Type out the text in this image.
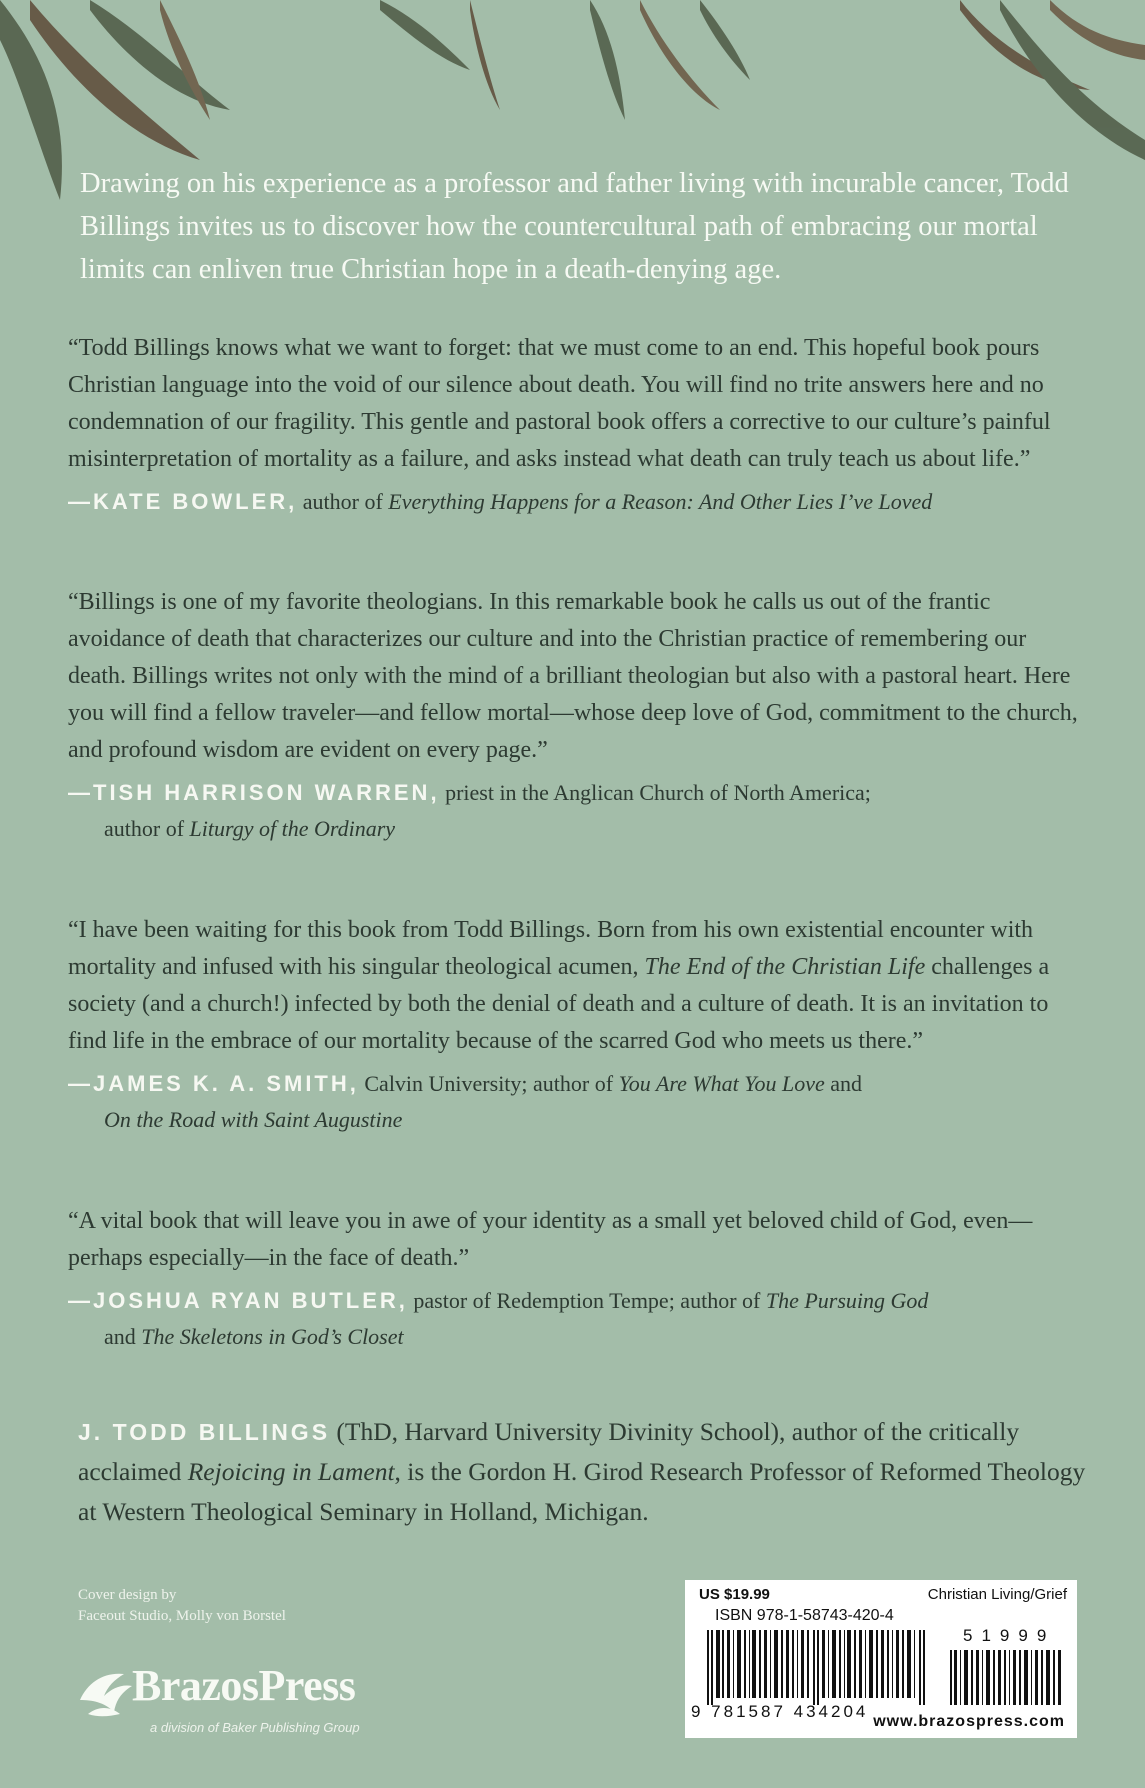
Drawing on his experience as a professor and father living with incurable cancer, Todd Billings invites us to discover how the countercultural path of embracing our mortal limits can enliven true Christian hope in a death-denying age.

“Todd Billings knows what we want to forget: that we must come to an end. This hopeful book pours Christian language into the void of our silence about death. You will find no trite answers here and no condemnation of our fragility. This gentle and pastoral book offers a corrective to our culture’s painful misinterpretation of mortality as a failure, and asks instead what death can truly teach us about life.”

—KATE BOWLER, author of Everything Happens for a Reason: And Other Lies I’ve Loved

“Billings is one of my favorite theologians. In this remarkable book he calls us out of the frantic avoidance of death that characterizes our culture and into the Christian practice of remembering our death. Billings writes not only with the mind of a brilliant theologian but also with a pastoral heart. Here you will find a fellow traveler—and fellow mortal—whose deep love of God, commitment to the church, and profound wisdom are evident on every page.”

—TISH HARRISON WARREN, priest in the Anglican Church of North America;
author of Liturgy of the Ordinary

“I have been waiting for this book from Todd Billings. Born from his own existential encounter with mortality and infused with his singular theological acumen, The End of the Christian Life challenges a society (and a church!) infected by both the denial of death and a culture of death. It is an invitation to find life in the embrace of our mortality because of the scarred God who meets us there.”

—JAMES K. A. SMITH, Calvin University; author of You Are What You Love and
On the Road with Saint Augustine

“A vital book that will leave you in awe of your identity as a small yet beloved child of God, even—perhaps especially—in the face of death.”

—JOSHUA RYAN BUTLER, pastor of Redemption Tempe; author of The Pursuing God
and The Skeletons in God’s Closet
J. TODD BILLINGS (ThD, Harvard University Divinity School), author of the critically acclaimed Rejoicing in Lament, is the Gordon H. Girod Research Professor of Reformed Theology at Western Theological Seminary in Holland, Michigan.
Cover design by
Faceout Studio, Molly von Borstel
BrazosPress
a division of Baker Publishing Group
US $19.99	Christian Living/Grief
ISBN 978-1-58743-420-4
51999
9 781587 434204
www.brazospress.com
